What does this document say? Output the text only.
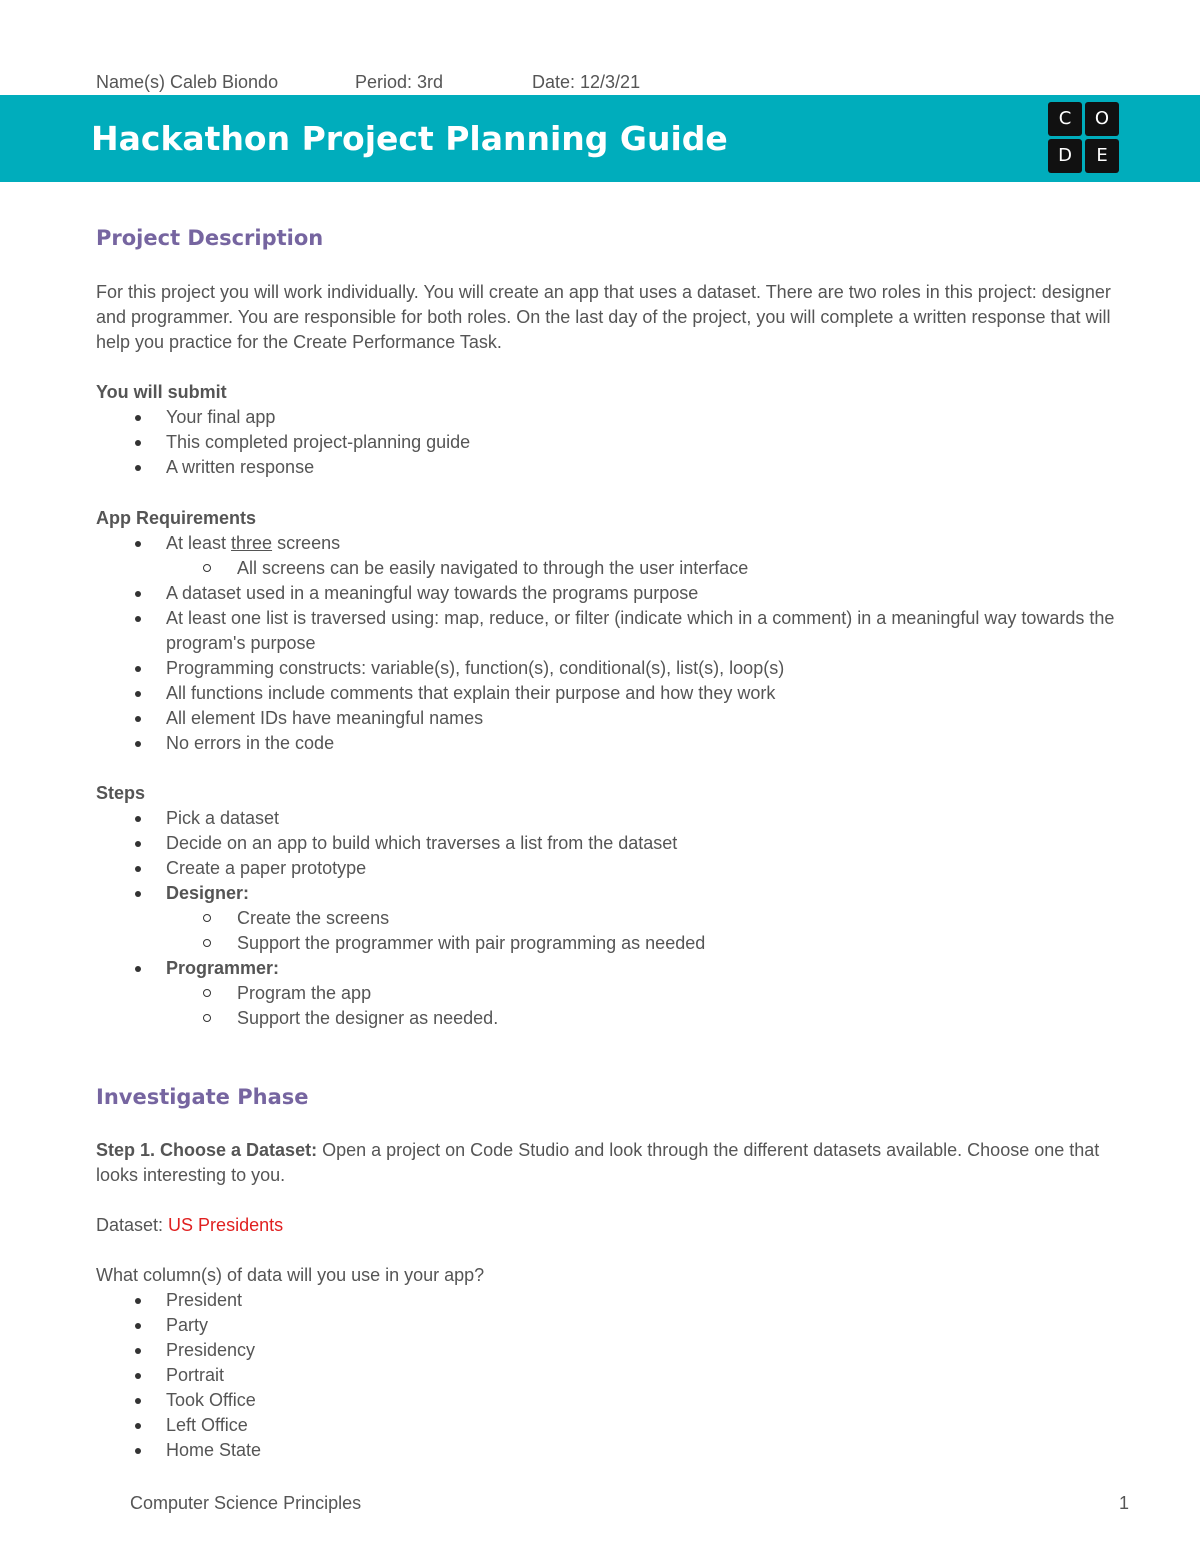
Name(s) Caleb Biondo	Period: 3rd	Date: 12/3/21
Hackathon Project Planning Guide
C	O
D	E
Project Description

For this project you will work individually. You will create an app that uses a dataset. There are two roles in this project: designer and programmer. You are responsible for both roles. On the last day of the project, you will complete a written response that will help you practice for the Create Performance Task.

You will submit

Your final app
This completed project-planning guide
A written response

App Requirements

At least three screens
All screens can be easily navigated to through the user interface
A dataset used in a meaningful way towards the programs purpose
At least one list is traversed using: map, reduce, or filter (indicate which in a comment) in a meaningful way towards the program's purpose
Programming constructs: variable(s), function(s), conditional(s), list(s), loop(s)
All functions include comments that explain their purpose and how they work
All element IDs have meaningful names
No errors in the code

Steps

Pick a dataset
Decide on an app to build which traverses a list from the dataset
Create a paper prototype
Designer:
Create the screens
Support the programmer with pair programming as needed
Programmer:
Program the app
Support the designer as needed.
Investigate Phase

Step 1. Choose a Dataset: Open a project on Code Studio and look through the different datasets available. Choose one that looks interesting to you.

Dataset: US Presidents

What column(s) of data will you use in your app?

President
Party
Presidency
Portrait
Took Office
Left Office
Home State
Computer Science Principles	1
